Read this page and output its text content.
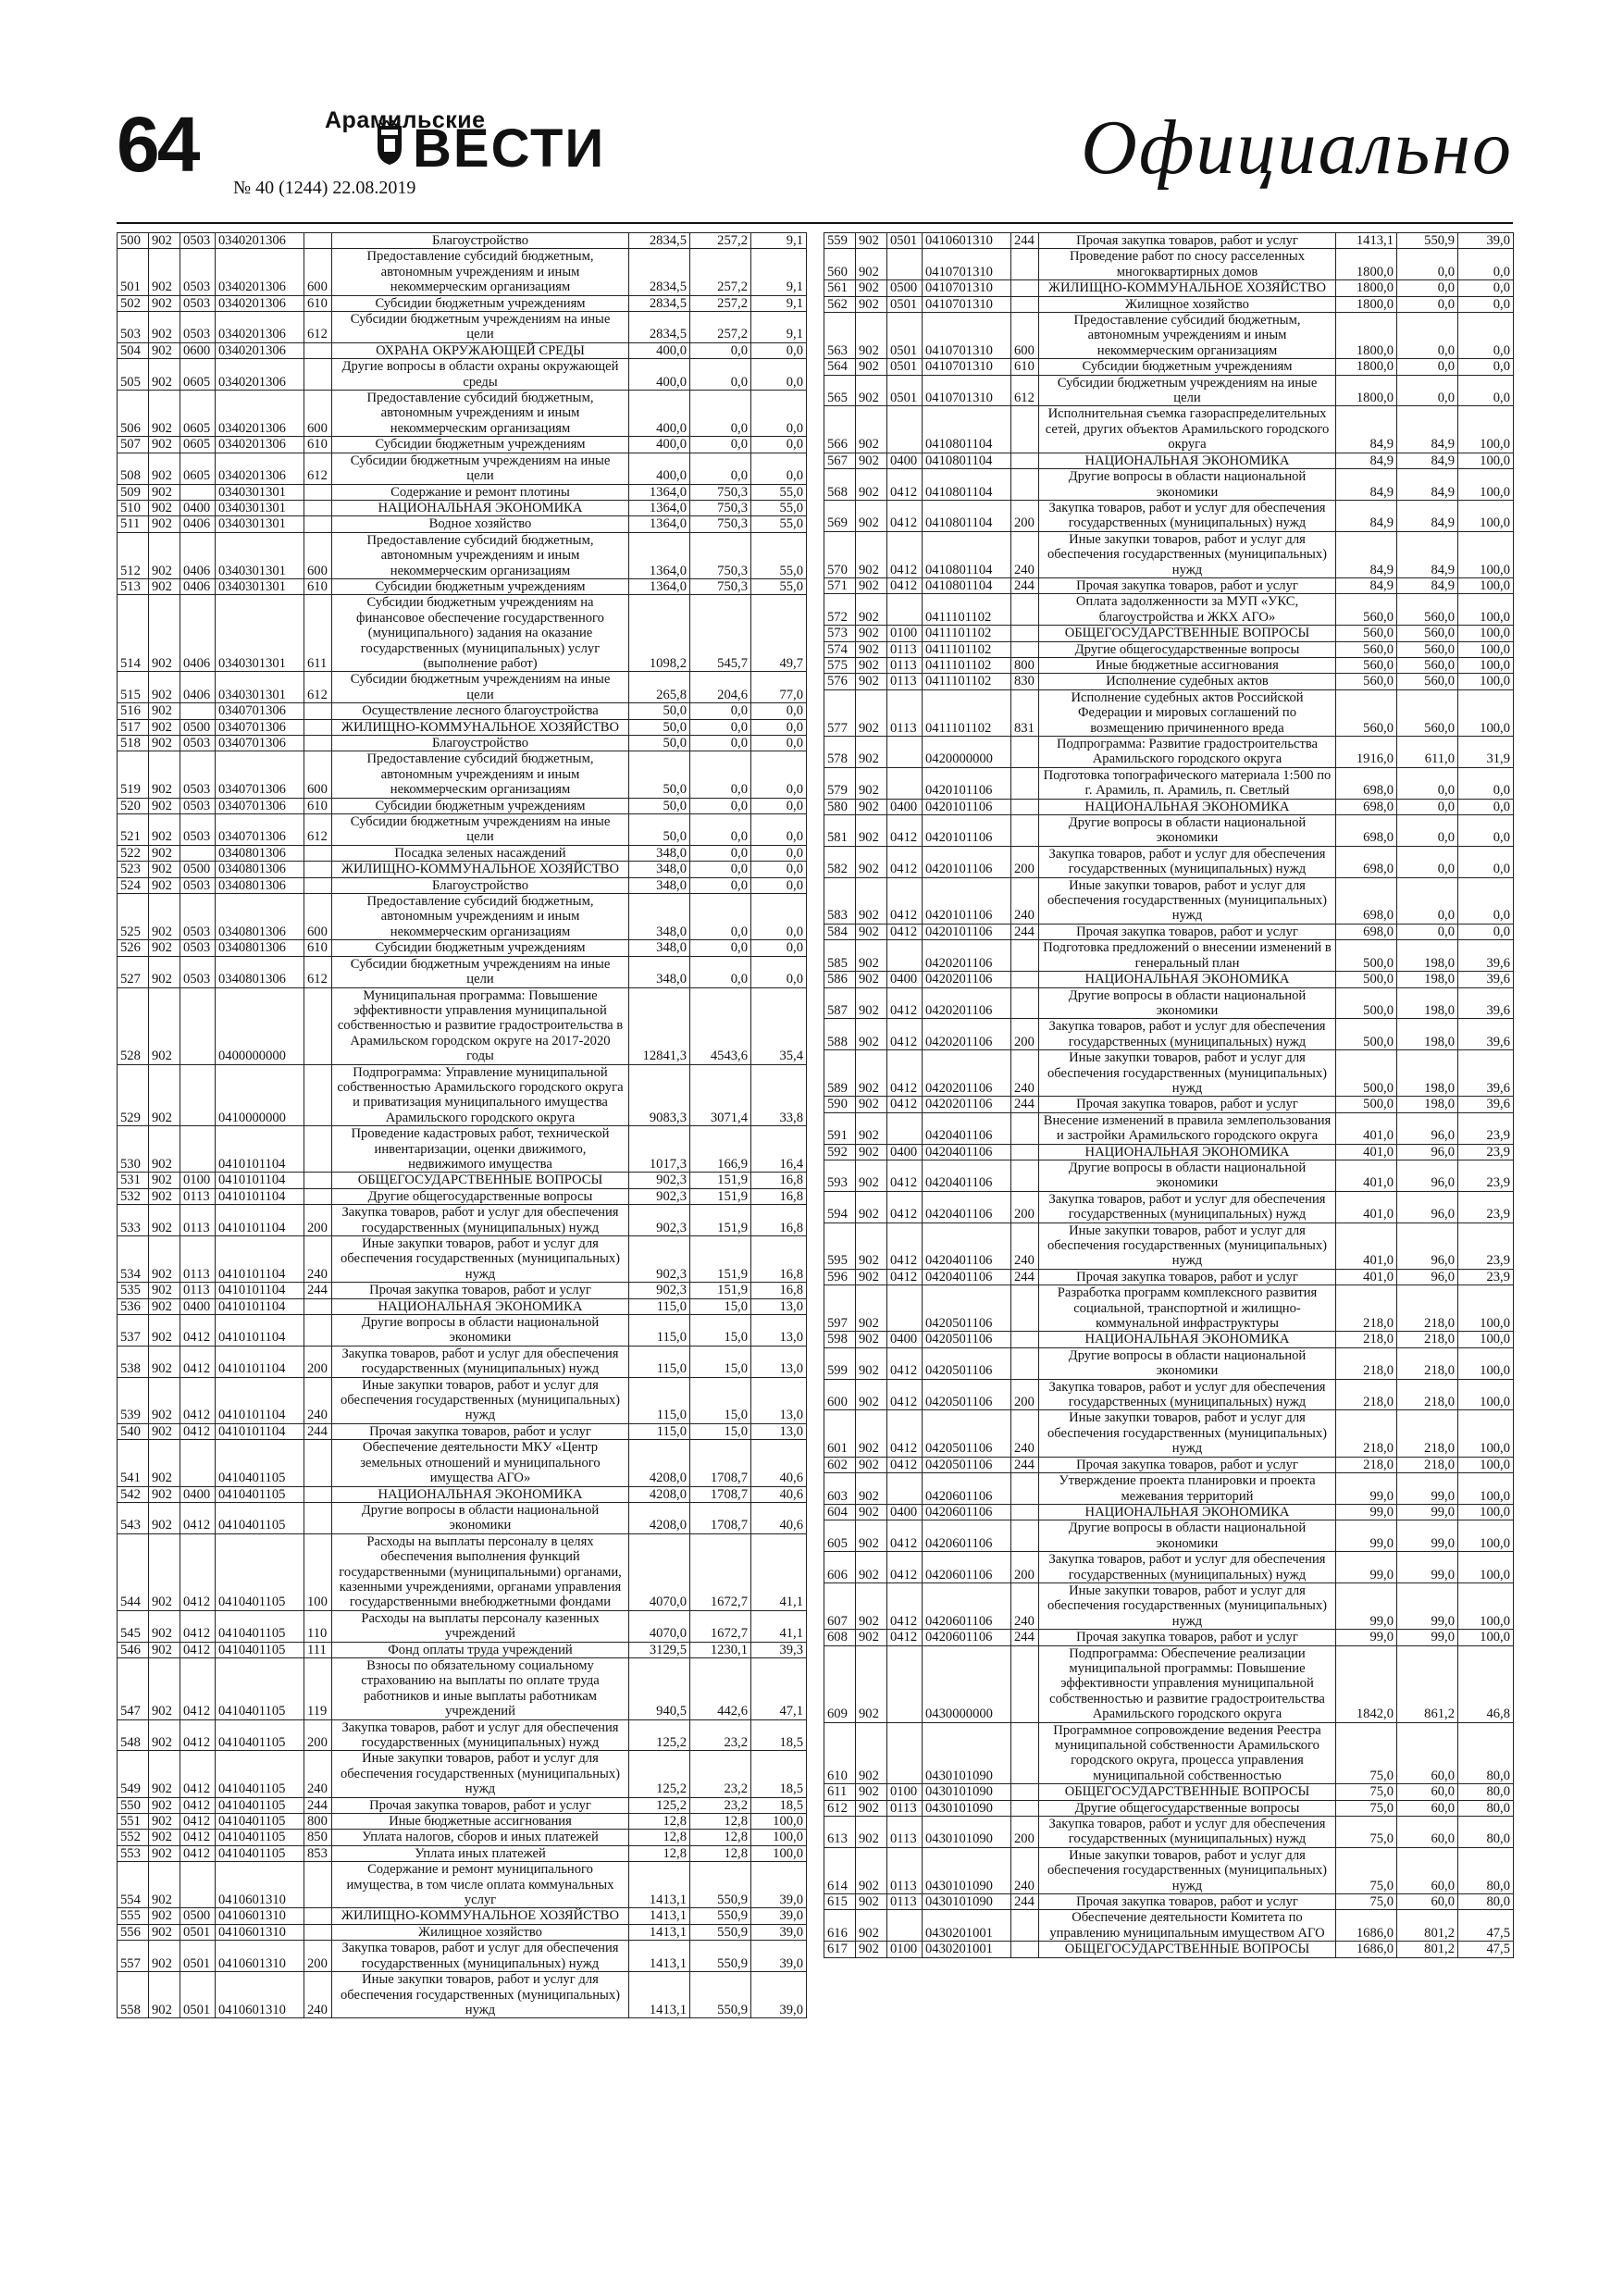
64	Арамильские
ВЕСТИ
№ 40 (1244) 22.08.2019	Официально
500	902	0503	0340201306		Благоустройство	2834,5	257,2	9,1
501	902	0503	0340201306	600	Предоставление субсидий бюджетным, автономным учреждениям и иным некоммерческим организациям	2834,5	257,2	9,1
502	902	0503	0340201306	610	Субсидии бюджетным учреждениям	2834,5	257,2	9,1
503	902	0503	0340201306	612	Субсидии бюджетным учреждениям на иные цели	2834,5	257,2	9,1
504	902	0600	0340201306		ОХРАНА ОКРУЖАЮЩЕЙ СРЕДЫ	400,0	0,0	0,0
505	902	0605	0340201306		Другие вопросы в области охраны окружающей среды	400,0	0,0	0,0
506	902	0605	0340201306	600	Предоставление субсидий бюджетным, автономным учреждениям и иным некоммерческим организациям	400,0	0,0	0,0
507	902	0605	0340201306	610	Субсидии бюджетным учреждениям	400,0	0,0	0,0
508	902	0605	0340201306	612	Субсидии бюджетным учреждениям на иные цели	400,0	0,0	0,0
509	902		0340301301		Содержание и ремонт плотины	1364,0	750,3	55,0
510	902	0400	0340301301		НАЦИОНАЛЬНАЯ ЭКОНОМИКА	1364,0	750,3	55,0
511	902	0406	0340301301		Водное хозяйство	1364,0	750,3	55,0
512	902	0406	0340301301	600	Предоставление субсидий бюджетным, автономным учреждениям и иным некоммерческим организациям	1364,0	750,3	55,0
513	902	0406	0340301301	610	Субсидии бюджетным учреждениям	1364,0	750,3	55,0
514	902	0406	0340301301	611	Субсидии бюджетным учреждениям на финансовое обеспечение государственного (муниципального) задания на оказание государственных (муниципальных) услуг (выполнение работ)	1098,2	545,7	49,7
515	902	0406	0340301301	612	Субсидии бюджетным учреждениям на иные цели	265,8	204,6	77,0
516	902		0340701306		Осуществление лесного благоустройства	50,0	0,0	0,0
517	902	0500	0340701306		ЖИЛИЩНО-КОММУНАЛЬНОЕ ХОЗЯЙСТВО	50,0	0,0	0,0
518	902	0503	0340701306		Благоустройство	50,0	0,0	0,0
519	902	0503	0340701306	600	Предоставление субсидий бюджетным, автономным учреждениям и иным некоммерческим организациям	50,0	0,0	0,0
520	902	0503	0340701306	610	Субсидии бюджетным учреждениям	50,0	0,0	0,0
521	902	0503	0340701306	612	Субсидии бюджетным учреждениям на иные цели	50,0	0,0	0,0
522	902		0340801306		Посадка зеленых насаждений	348,0	0,0	0,0
523	902	0500	0340801306		ЖИЛИЩНО-КОММУНАЛЬНОЕ ХОЗЯЙСТВО	348,0	0,0	0,0
524	902	0503	0340801306		Благоустройство	348,0	0,0	0,0
525	902	0503	0340801306	600	Предоставление субсидий бюджетным, автономным учреждениям и иным некоммерческим организациям	348,0	0,0	0,0
526	902	0503	0340801306	610	Субсидии бюджетным учреждениям	348,0	0,0	0,0
527	902	0503	0340801306	612	Субсидии бюджетным учреждениям на иные цели	348,0	0,0	0,0
528	902		0400000000		Муниципальная программа: Повышение эффективности управления муниципальной собственностью и развитие градостроительства в Арамильском городском округе на 2017-2020 годы	12841,3	4543,6	35,4
529	902		0410000000		Подпрограмма: Управление муниципальной собственностью Арамильского городского округа и приватизация муниципального имущества Арамильского городского округа	9083,3	3071,4	33,8
530	902		0410101104		Проведение кадастровых работ, технической инвентаризации, оценки движимого, недвижимого имущества	1017,3	166,9	16,4
531	902	0100	0410101104		ОБЩЕГОСУДАРСТВЕННЫЕ ВОПРОСЫ	902,3	151,9	16,8
532	902	0113	0410101104		Другие общегосударственные вопросы	902,3	151,9	16,8
533	902	0113	0410101104	200	Закупка товаров, работ и услуг для обеспечения государственных (муниципальных) нужд	902,3	151,9	16,8
534	902	0113	0410101104	240	Иные закупки товаров, работ и услуг для обеспечения государственных (муниципальных) нужд	902,3	151,9	16,8
535	902	0113	0410101104	244	Прочая закупка товаров, работ и услуг	902,3	151,9	16,8
536	902	0400	0410101104		НАЦИОНАЛЬНАЯ ЭКОНОМИКА	115,0	15,0	13,0
537	902	0412	0410101104		Другие вопросы в области национальной экономики	115,0	15,0	13,0
538	902	0412	0410101104	200	Закупка товаров, работ и услуг для обеспечения государственных (муниципальных) нужд	115,0	15,0	13,0
539	902	0412	0410101104	240	Иные закупки товаров, работ и услуг для обеспечения государственных (муниципальных) нужд	115,0	15,0	13,0
540	902	0412	0410101104	244	Прочая закупка товаров, работ и услуг	115,0	15,0	13,0
541	902		0410401105		Обеспечение деятельности МКУ «Центр земельных отношений и муниципального имущества АГО»	4208,0	1708,7	40,6
542	902	0400	0410401105		НАЦИОНАЛЬНАЯ ЭКОНОМИКА	4208,0	1708,7	40,6
543	902	0412	0410401105		Другие вопросы в области национальной экономики	4208,0	1708,7	40,6
544	902	0412	0410401105	100	Расходы на выплаты персоналу в целях обеспечения выполнения функций государственными (муниципальными) органами, казенными учреждениями, органами управления государственными внебюджетными фондами	4070,0	1672,7	41,1
545	902	0412	0410401105	110	Расходы на выплаты персоналу казенных учреждений	4070,0	1672,7	41,1
546	902	0412	0410401105	111	Фонд оплаты труда учреждений	3129,5	1230,1	39,3
547	902	0412	0410401105	119	Взносы по обязательному социальному страхованию на выплаты по оплате труда работников и иные выплаты работникам учреждений	940,5	442,6	47,1
548	902	0412	0410401105	200	Закупка товаров, работ и услуг для обеспечения государственных (муниципальных) нужд	125,2	23,2	18,5
549	902	0412	0410401105	240	Иные закупки товаров, работ и услуг для обеспечения государственных (муниципальных) нужд	125,2	23,2	18,5
550	902	0412	0410401105	244	Прочая закупка товаров, работ и услуг	125,2	23,2	18,5
551	902	0412	0410401105	800	Иные бюджетные ассигнования	12,8	12,8	100,0
552	902	0412	0410401105	850	Уплата налогов, сборов и иных платежей	12,8	12,8	100,0
553	902	0412	0410401105	853	Уплата иных платежей	12,8	12,8	100,0
554	902		0410601310		Содержание и ремонт муниципального имущества, в том числе оплата коммунальных услуг	1413,1	550,9	39,0
555	902	0500	0410601310		ЖИЛИЩНО-КОММУНАЛЬНОЕ ХОЗЯЙСТВО	1413,1	550,9	39,0
556	902	0501	0410601310		Жилищное хозяйство	1413,1	550,9	39,0
557	902	0501	0410601310	200	Закупка товаров, работ и услуг для обеспечения государственных (муниципальных) нужд	1413,1	550,9	39,0
558	902	0501	0410601310	240	Иные закупки товаров, работ и услуг для обеспечения государственных (муниципальных) нужд	1413,1	550,9	39,0
559	902	0501	0410601310	244	Прочая закупка товаров, работ и услуг	1413,1	550,9	39,0
560	902		0410701310		Проведение работ по сносу расселенных многоквартирных домов	1800,0	0,0	0,0
561	902	0500	0410701310		ЖИЛИЩНО-КОММУНАЛЬНОЕ ХОЗЯЙСТВО	1800,0	0,0	0,0
562	902	0501	0410701310		Жилищное хозяйство	1800,0	0,0	0,0
563	902	0501	0410701310	600	Предоставление субсидий бюджетным, автономным учреждениям и иным некоммерческим организациям	1800,0	0,0	0,0
564	902	0501	0410701310	610	Субсидии бюджетным учреждениям	1800,0	0,0	0,0
565	902	0501	0410701310	612	Субсидии бюджетным учреждениям на иные цели	1800,0	0,0	0,0
566	902		0410801104		Исполнительная съемка газораспределительных сетей, других объектов Арамильского городского округа	84,9	84,9	100,0
567	902	0400	0410801104		НАЦИОНАЛЬНАЯ ЭКОНОМИКА	84,9	84,9	100,0
568	902	0412	0410801104		Другие вопросы в области национальной экономики	84,9	84,9	100,0
569	902	0412	0410801104	200	Закупка товаров, работ и услуг для обеспечения государственных (муниципальных) нужд	84,9	84,9	100,0
570	902	0412	0410801104	240	Иные закупки товаров, работ и услуг для обеспечения государственных (муниципальных) нужд	84,9	84,9	100,0
571	902	0412	0410801104	244	Прочая закупка товаров, работ и услуг	84,9	84,9	100,0
572	902		0411101102		Оплата задолженности за МУП «УКС, благоустройства и ЖКХ АГО»	560,0	560,0	100,0
573	902	0100	0411101102		ОБЩЕГОСУДАРСТВЕННЫЕ ВОПРОСЫ	560,0	560,0	100,0
574	902	0113	0411101102		Другие общегосударственные вопросы	560,0	560,0	100,0
575	902	0113	0411101102	800	Иные бюджетные ассигнования	560,0	560,0	100,0
576	902	0113	0411101102	830	Исполнение судебных актов	560,0	560,0	100,0
577	902	0113	0411101102	831	Исполнение судебных актов Российской Федерации и мировых соглашений по возмещению причиненного вреда	560,0	560,0	100,0
578	902		0420000000		Подпрограмма: Развитие градостроительства Арамильского городского округа	1916,0	611,0	31,9
579	902		0420101106		Подготовка топографического материала 1:500 по г. Арамиль, п. Арамиль, п. Светлый	698,0	0,0	0,0
580	902	0400	0420101106		НАЦИОНАЛЬНАЯ ЭКОНОМИКА	698,0	0,0	0,0
581	902	0412	0420101106		Другие вопросы в области национальной экономики	698,0	0,0	0,0
582	902	0412	0420101106	200	Закупка товаров, работ и услуг для обеспечения государственных (муниципальных) нужд	698,0	0,0	0,0
583	902	0412	0420101106	240	Иные закупки товаров, работ и услуг для обеспечения государственных (муниципальных) нужд	698,0	0,0	0,0
584	902	0412	0420101106	244	Прочая закупка товаров, работ и услуг	698,0	0,0	0,0
585	902		0420201106		Подготовка предложений о внесении изменений в генеральный план	500,0	198,0	39,6
586	902	0400	0420201106		НАЦИОНАЛЬНАЯ ЭКОНОМИКА	500,0	198,0	39,6
587	902	0412	0420201106		Другие вопросы в области национальной экономики	500,0	198,0	39,6
588	902	0412	0420201106	200	Закупка товаров, работ и услуг для обеспечения государственных (муниципальных) нужд	500,0	198,0	39,6
589	902	0412	0420201106	240	Иные закупки товаров, работ и услуг для обеспечения государственных (муниципальных) нужд	500,0	198,0	39,6
590	902	0412	0420201106	244	Прочая закупка товаров, работ и услуг	500,0	198,0	39,6
591	902		0420401106		Внесение изменений в правила землепользования и застройки Арамильского городского округа	401,0	96,0	23,9
592	902	0400	0420401106		НАЦИОНАЛЬНАЯ ЭКОНОМИКА	401,0	96,0	23,9
593	902	0412	0420401106		Другие вопросы в области национальной экономики	401,0	96,0	23,9
594	902	0412	0420401106	200	Закупка товаров, работ и услуг для обеспечения государственных (муниципальных) нужд	401,0	96,0	23,9
595	902	0412	0420401106	240	Иные закупки товаров, работ и услуг для обеспечения государственных (муниципальных) нужд	401,0	96,0	23,9
596	902	0412	0420401106	244	Прочая закупка товаров, работ и услуг	401,0	96,0	23,9
597	902		0420501106		Разработка программ комплексного развития социальной, транспортной и жилищно-коммунальной инфраструктуры	218,0	218,0	100,0
598	902	0400	0420501106		НАЦИОНАЛЬНАЯ ЭКОНОМИКА	218,0	218,0	100,0
599	902	0412	0420501106		Другие вопросы в области национальной экономики	218,0	218,0	100,0
600	902	0412	0420501106	200	Закупка товаров, работ и услуг для обеспечения государственных (муниципальных) нужд	218,0	218,0	100,0
601	902	0412	0420501106	240	Иные закупки товаров, работ и услуг для обеспечения государственных (муниципальных) нужд	218,0	218,0	100,0
602	902	0412	0420501106	244	Прочая закупка товаров, работ и услуг	218,0	218,0	100,0
603	902		0420601106		Утверждение проекта планировки и проекта межевания территорий	99,0	99,0	100,0
604	902	0400	0420601106		НАЦИОНАЛЬНАЯ ЭКОНОМИКА	99,0	99,0	100,0
605	902	0412	0420601106		Другие вопросы в области национальной экономики	99,0	99,0	100,0
606	902	0412	0420601106	200	Закупка товаров, работ и услуг для обеспечения государственных (муниципальных) нужд	99,0	99,0	100,0
607	902	0412	0420601106	240	Иные закупки товаров, работ и услуг для обеспечения государственных (муниципальных) нужд	99,0	99,0	100,0
608	902	0412	0420601106	244	Прочая закупка товаров, работ и услуг	99,0	99,0	100,0
609	902		0430000000		Подпрограмма: Обеспечение реализации муниципальной программы: Повышение эффективности управления муниципальной собственностью и развитие градостроительства Арамильского городского округа	1842,0	861,2	46,8
610	902		0430101090		Программное сопровождение ведения Реестра муниципальной собственности Арамильского городского округа, процесса управления муниципальной собственностью	75,0	60,0	80,0
611	902	0100	0430101090		ОБЩЕГОСУДАРСТВЕННЫЕ ВОПРОСЫ	75,0	60,0	80,0
612	902	0113	0430101090		Другие общегосударственные вопросы	75,0	60,0	80,0
613	902	0113	0430101090	200	Закупка товаров, работ и услуг для обеспечения государственных (муниципальных) нужд	75,0	60,0	80,0
614	902	0113	0430101090	240	Иные закупки товаров, работ и услуг для обеспечения государственных (муниципальных) нужд	75,0	60,0	80,0
615	902	0113	0430101090	244	Прочая закупка товаров, работ и услуг	75,0	60,0	80,0
616	902		0430201001		Обеспечение деятельности Комитета по управлению муниципальным имуществом АГО	1686,0	801,2	47,5
617	902	0100	0430201001		ОБЩЕГОСУДАРСТВЕННЫЕ ВОПРОСЫ	1686,0	801,2	47,5
